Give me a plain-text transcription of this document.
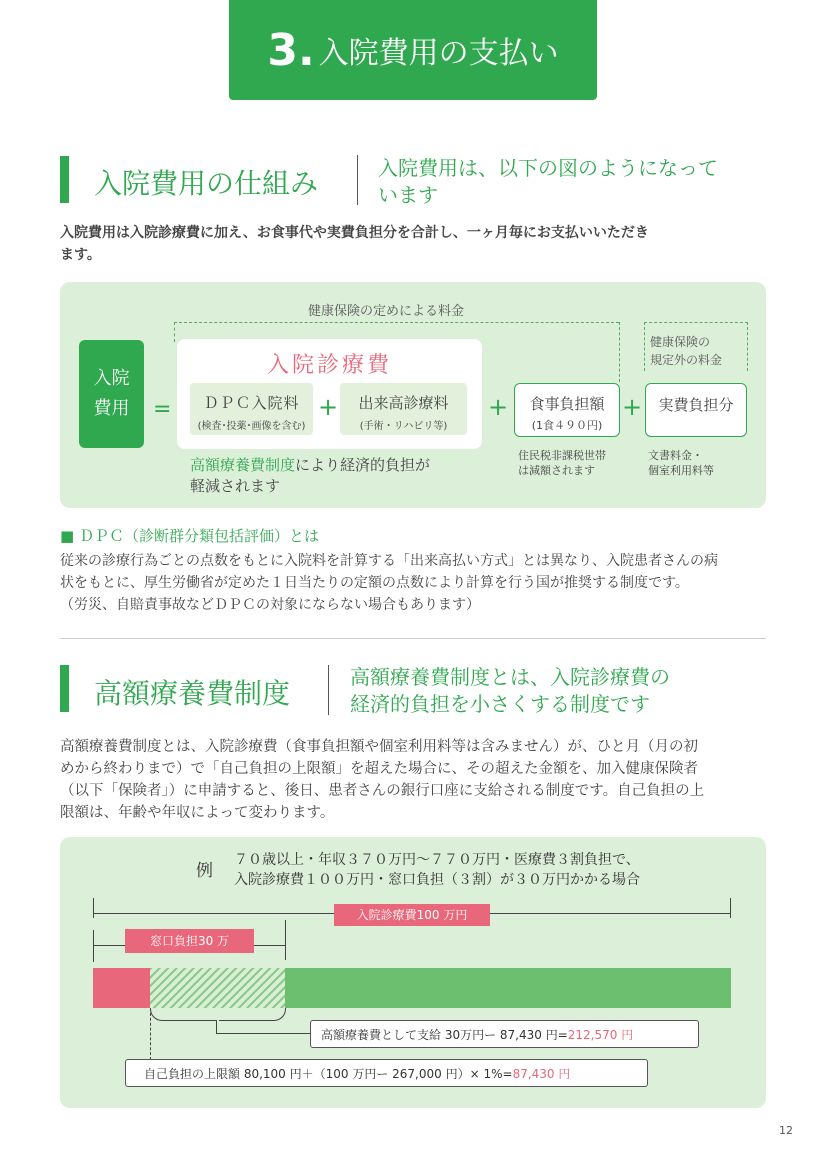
3. 入院費用の支払い
入院費用の仕組み	入院費用は、以下の図のようになって
います
入院費用は入院診療費に加え、お食事代や実費負担分を合計し、一ヶ月毎にお支払いいただき
ます。
健康保険の定めによる料金
健康保険の
規定外の料金
入院
費用	=
入院診療費
ＤＰＣ入院料
(検査･投薬･画像を含む)
+	出来高診療料
(手術・リハビリ等)
+	食事負担額
(1食４９０円)
+	実費負担分
高額療養費制度により経済的負担が
軽減されます
住民税非課税世帯
は減額されます
文書料金・
個室利用料等
■ ＤＰＣ（診断群分類包括評価）とは
従来の診療行為ごとの点数をもとに入院料を計算する「出来高払い方式」とは異なり、入院患者さんの病
状をもとに、厚生労働省が定めた１日当たりの定額の点数により計算を行う国が推奨する制度です。
（労災、自賠責事故などＤＰＣの対象にならない場合もあります）
高額療養費制度	高額療養費制度とは、入院診療費の
経済的負担を小さくする制度です
高額療養費制度とは、入院診療費（食事負担額や個室利用料等は含みません）が、ひと月（月の初
めから終わりまで）で「自己負担の上限額」を超えた場合に、その超えた金額を、加入健康保険者
（以下「保険者」）に申請すると、後日、患者さんの銀行口座に支給される制度です。自己負担の上
限額は、年齢や年収によって変わります。
例
７０歳以上・年収３７０万円〜７７０万円・医療費３割負担で、
入院診療費１００万円・窓口負担（３割）が３０万円かかる場合
入院診療費100 万円
窓口負担30 万
高額療養費として支給 30万円ー 87,430 円=212,570 円
自己負担の上限額 80,100 円＋（100 万円ー 267,000 円）× 1%=87,430 円
12
